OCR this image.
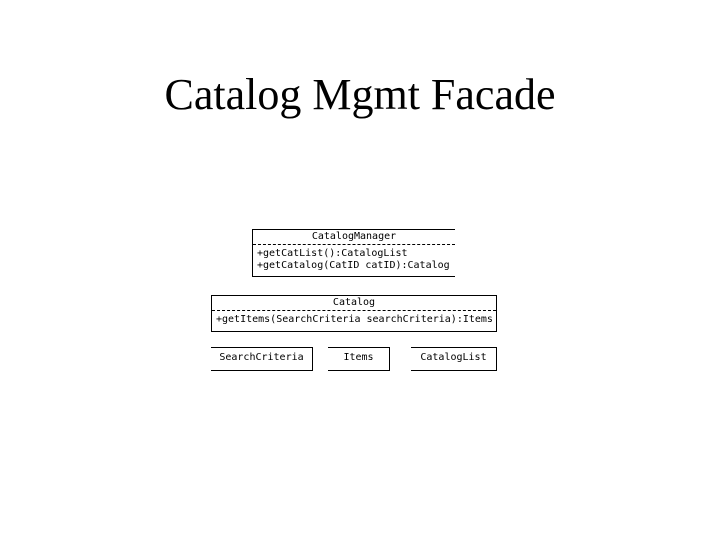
Catalog Mgmt Facade
CatalogManager
+getCatList():CatalogList
+getCatalog(CatID catID):Catalog
Catalog
+getItems(SearchCriteria searchCriteria):Items
SearchCriteria	Items	CatalogList
